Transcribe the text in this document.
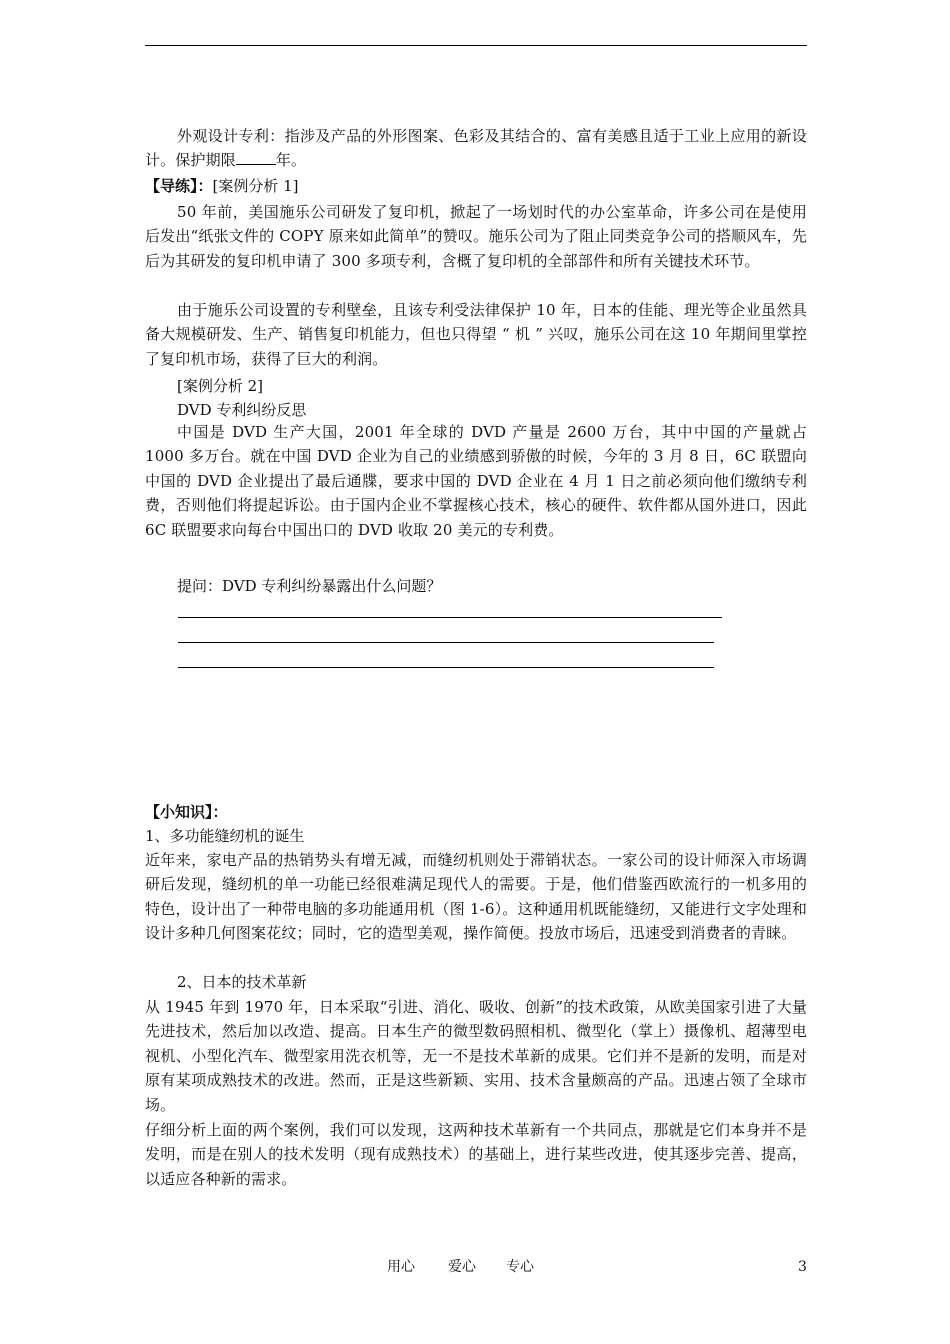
外观设计专利：指涉及产品的外形图案、色彩及其结合的、富有美感且适于工业上应用的新设计。保护期限	年。

【导练】：[案例分析 1]

50 年前，美国施乐公司研发了复印机，掀起了一场划时代的办公室革命，许多公司在是使用后发出“纸张文件的 COPY 原来如此简单”的赞叹。施乐公司为了阻止同类竞争公司的搭顺风车，先后为其研发的复印机申请了 300 多项专利，含概了复印机的全部部件和所有关键技术环节。

由于施乐公司设置的专利壁垒，且该专利受法律保护 10 年，日本的佳能、理光等企业虽然具备大规模研发、生产、销售复印机能力，但也只得望 “ 机 ” 兴叹，施乐公司在这 10 年期间里掌控了复印机市场，获得了巨大的利润。

[案例分析 2]
DVD 专利纠纷反思

中国是 DVD 生产大国，2001 年全球的 DVD 产量是 2600 万台，其中中国的产量就占 1000 多万台。就在中国 DVD 企业为自己的业绩感到骄傲的时候，今年的 3 月 8 日，6C 联盟向中国的 DVD 企业提出了最后通牒，要求中国的 DVD 企业在 4 月 1 日之前必须向他们缴纳专利费，否则他们将提起诉讼。由于国内企业不掌握核心技术，核心的硬件、软件都从国外进口，因此 6C 联盟要求向每台中国出口的 DVD 收取 20 美元的专利费。

提问：DVD 专利纠纷暴露出什么问题？
【小知识】：
1、多功能缝纫机的诞生

近年来，家电产品的热销势头有增无减，而缝纫机则处于滞销状态。一家公司的设计师深入市场调研后发现，缝纫机的单一功能已经很难满足现代人的需要。于是，他们借鉴西欧流行的一机多用的特色，设计出了一种带电脑的多功能通用机（图 1-6）。这种通用机既能缝纫，又能进行文字处理和设计多种几何图案花纹；同时，它的造型美观，操作简便。投放市场后，迅速受到消费者的青睐。

2、日本的技术革新

从 1945 年到 1970 年，日本采取“引进、消化、吸收、创新”的技术政策，从欧美国家引进了大量先进技术，然后加以改造、提高。日本生产的微型数码照相机、微型化（掌上）摄像机、超薄型电视机、小型化汽车、微型家用洗衣机等，无一不是技术革新的成果。它们并不是新的发明，而是对原有某项成熟技术的改进。然而，正是这些新颖、实用、技术含量颇高的产品。迅速占领了全球市场。

仔细分析上面的两个案例，我们可以发现，这两种技术革新有一个共同点，那就是它们本身并不是发明，而是在别人的技术发明（现有成熟技术）的基础上，进行某些改进，使其逐步完善、提高，以适应各种新的需求。

用心 爱心 专心	3
